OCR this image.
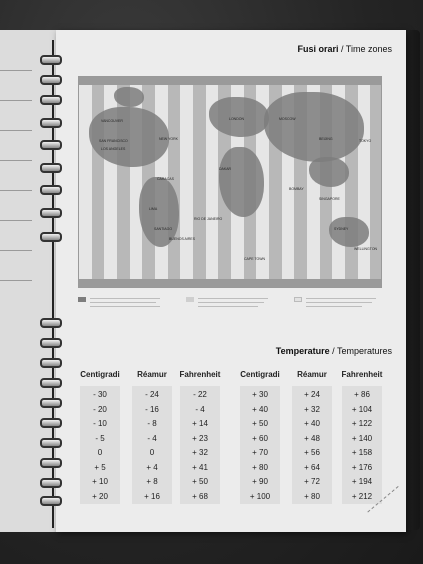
Fusi orari / Time zones
VANCOUVER
SAN FRANCISCO
LOS ANGELES
NEW YORK
CARACAS
LIMA
SANTIAGO
BUENOS AIRES
RIO DE JANEIRO
LONDON	MOSCOW
DAKAR
CAPE TOWN
BOMBAY
BEIJING	TOKYO
SINGAPORE
SYDNEY
WELLINGTON
Temperature / Temperatures
Centigradi	Réamur	Fahrenheit Centigradi	Réamur	Fahrenheit
- 30	- 24	- 22	+ 30	+ 24	+ 86
- 20	- 16	- 4	+ 40	+ 32	+ 104
- 10	- 8	+ 14	+ 50	+ 40	+ 122
- 5	- 4	+ 23	+ 60	+ 48	+ 140
0	0	+ 32	+ 70	+ 56	+ 158
+ 5	+ 4	+ 41	+ 80	+ 64	+ 176
+ 10	+ 8	+ 50	+ 90	+ 72	+ 194
+ 20	+ 16	+ 68	+ 100	+ 80	+ 212
